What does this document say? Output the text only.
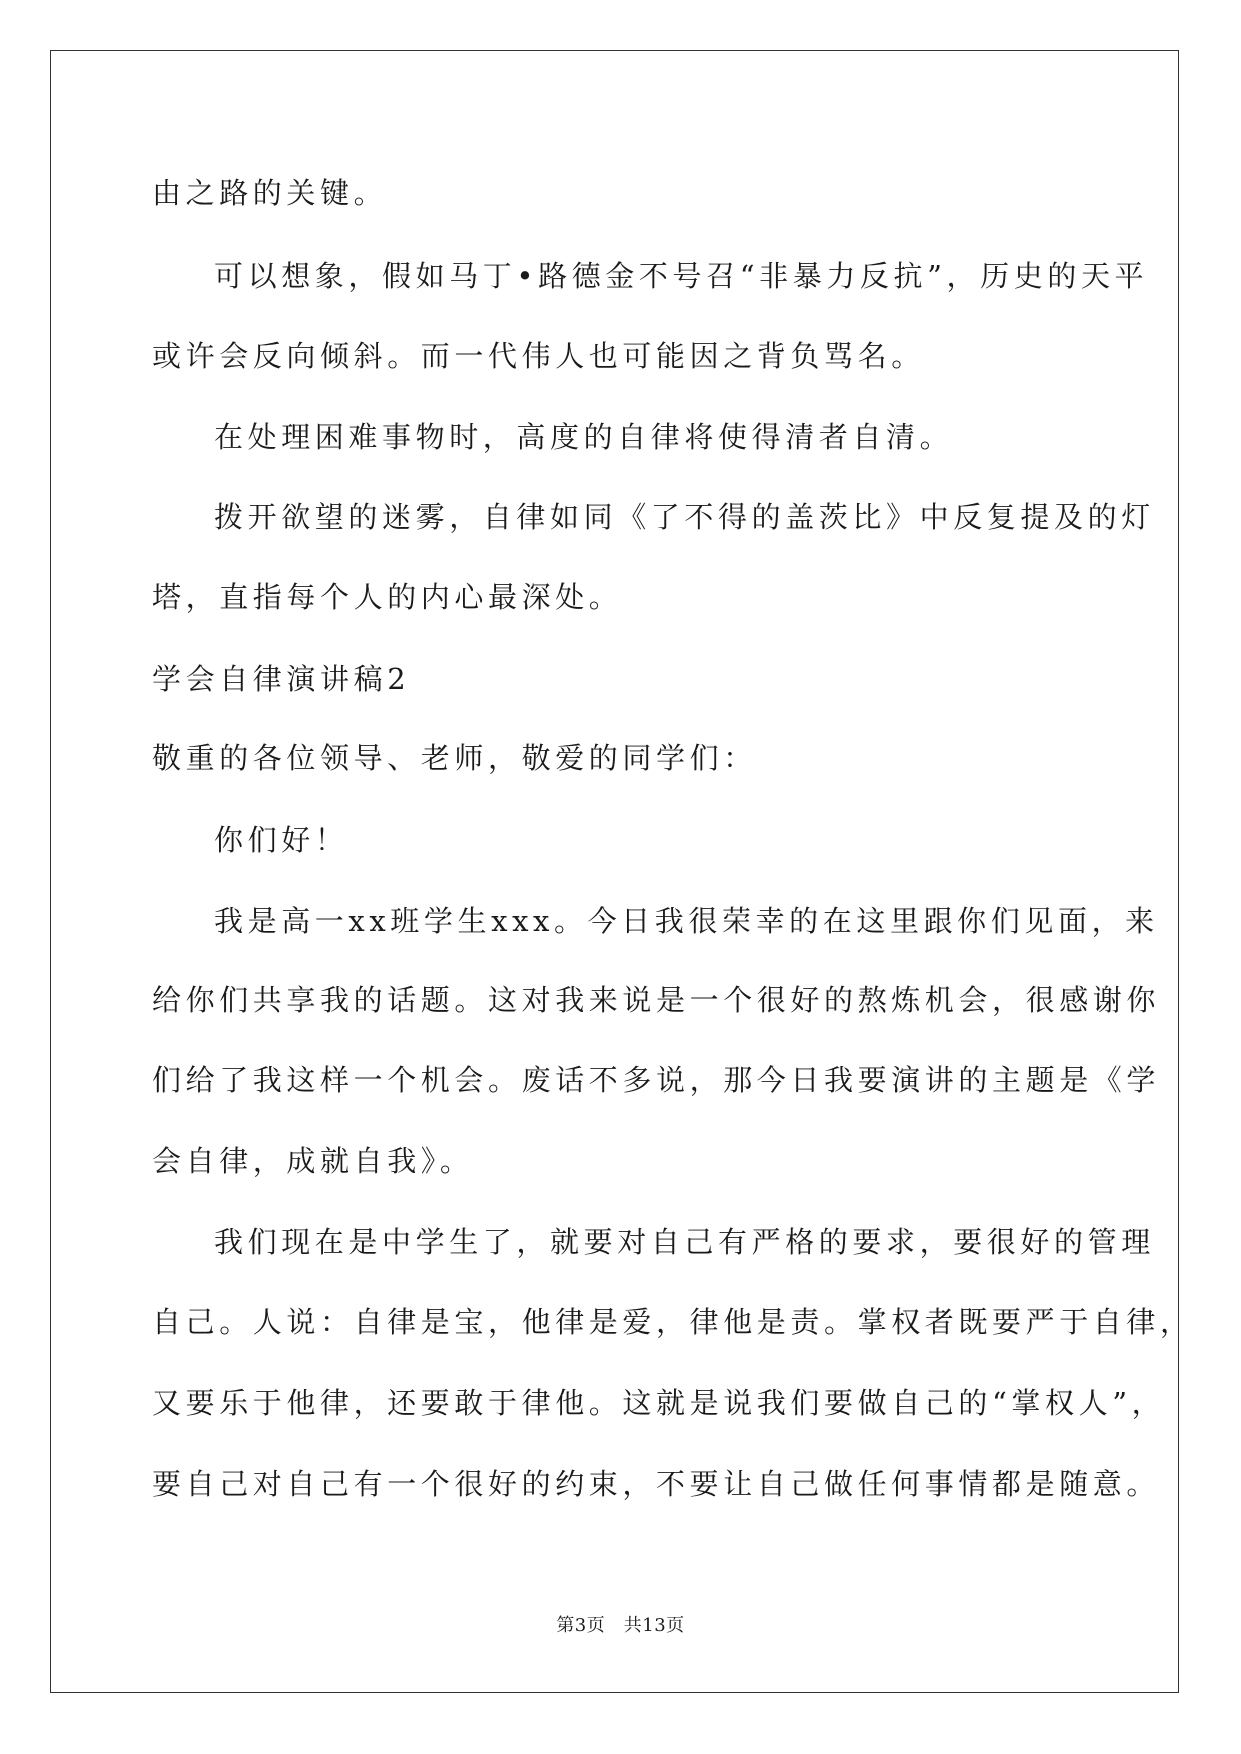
由之路的关键。
可以想象，假如马丁•路德金不号召“非暴力反抗”，历史的天平
或许会反向倾斜。而一代伟人也可能因之背负骂名。
在处理困难事物时，高度的自律将使得清者自清。
拨开欲望的迷雾，自律如同《了不得的盖茨比》中反复提及的灯
塔，直指每个人的内心最深处。
学会自律演讲稿2
敬重的各位领导、老师，敬爱的同学们：
你们好！
我是高一xx班学生xxx。今日我很荣幸的在这里跟你们见面，来
给你们共享我的话题。这对我来说是一个很好的熬炼机会，很感谢你
们给了我这样一个机会。废话不多说，那今日我要演讲的主题是《学
会自律，成就自我》。
我们现在是中学生了，就要对自己有严格的要求，要很好的管理
自己。人说：自律是宝，他律是爱，律他是责。掌权者既要严于自律，
又要乐于他律，还要敢于律他。这就是说我们要做自己的“掌权人”，
要自己对自己有一个很好的约束，不要让自己做任何事情都是随意。
第3页　共13页
